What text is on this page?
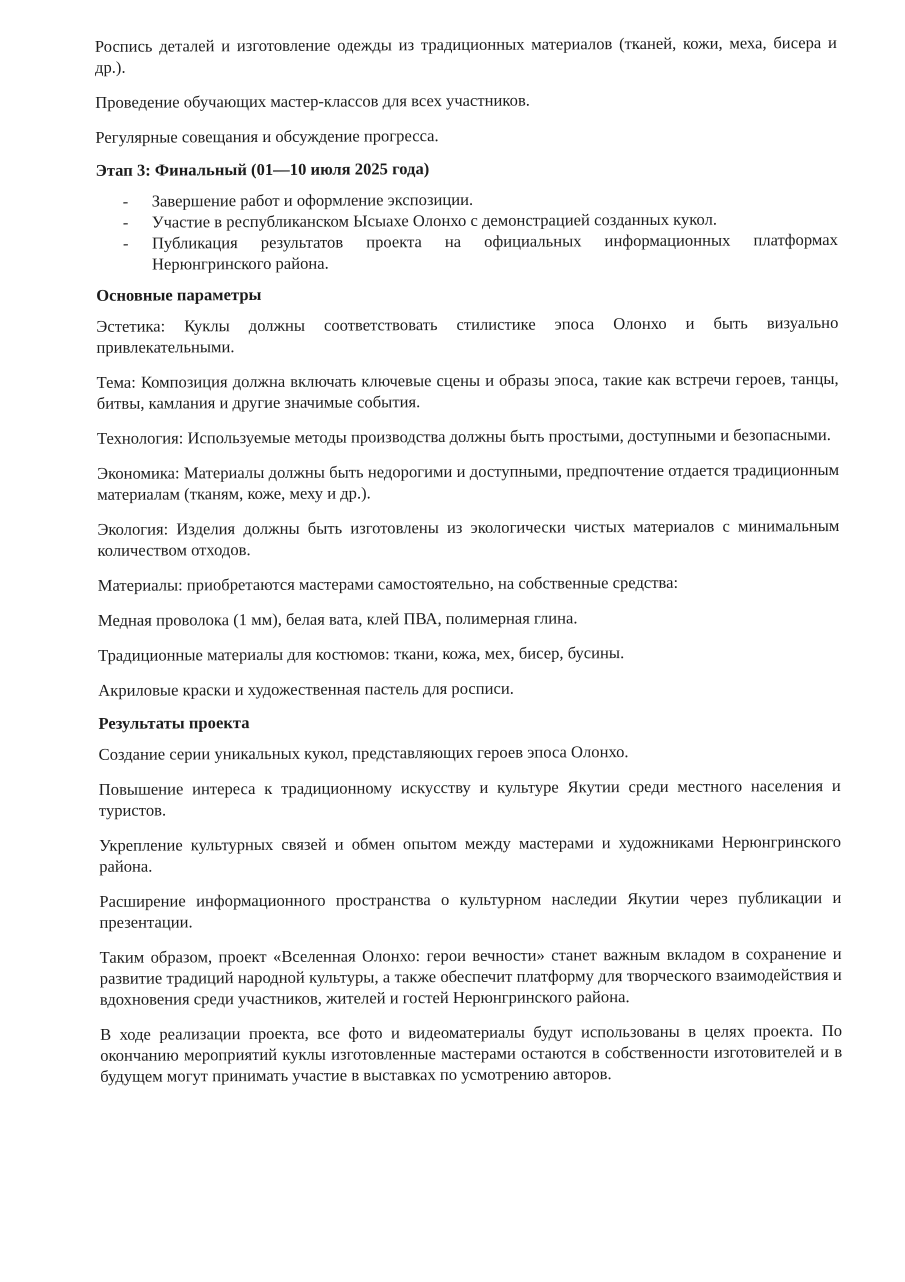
Роспись деталей и изготовление одежды из традиционных материалов (тканей, кожи, меха, бисера и др.).

Проведение обучающих мастер-классов для всех участников.

Регулярные совещания и обсуждение прогресса.

Этап 3: Финальный (01—10 июля 2025 года)
- Завершение работ и оформление экспозиции.
- Участие в республиканском Ысыахе Олонхо с демонстрацией созданных кукол.
- Публикация результатов проекта на официальных информационных платформах Нерюнгринского района.
Основные параметры

Эстетика: Куклы должны соответствовать стилистике эпоса Олонхо и быть визуально привлекательными.

Тема: Композиция должна включать ключевые сцены и образы эпоса, такие как встречи героев, танцы, битвы, камлания и другие значимые события.

Технология: Используемые методы производства должны быть простыми, доступными и безопасными.

Экономика: Материалы должны быть недорогими и доступными, предпочтение отдается традиционным материалам (тканям, коже, меху и др.).

Экология: Изделия должны быть изготовлены из экологически чистых материалов с минимальным количеством отходов.

Материалы: приобретаются мастерами самостоятельно, на собственные средства:

Медная проволока (1 мм), белая вата, клей ПВА, полимерная глина.

Традиционные материалы для костюмов: ткани, кожа, мех, бисер, бусины.

Акриловые краски и художественная пастель для росписи.

Результаты проекта

Создание серии уникальных кукол, представляющих героев эпоса Олонхо.

Повышение интереса к традиционному искусству и культуре Якутии среди местного населения и туристов.

Укрепление культурных связей и обмен опытом между мастерами и художниками Нерюнгринского района.

Расширение информационного пространства о культурном наследии Якутии через публикации и презентации.

Таким образом, проект «Вселенная Олонхо: герои вечности» станет важным вкладом в сохранение и развитие традиций народной культуры, а также обеспечит платформу для творческого взаимодействия и вдохновения среди участников, жителей и гостей Нерюнгринского района.

В ходе реализации проекта, все фото и видеоматериалы будут использованы в целях проекта. По окончанию мероприятий куклы изготовленные мастерами остаются в собственности изготовителей и в будущем могут принимать участие в выставках по усмотрению авторов.
